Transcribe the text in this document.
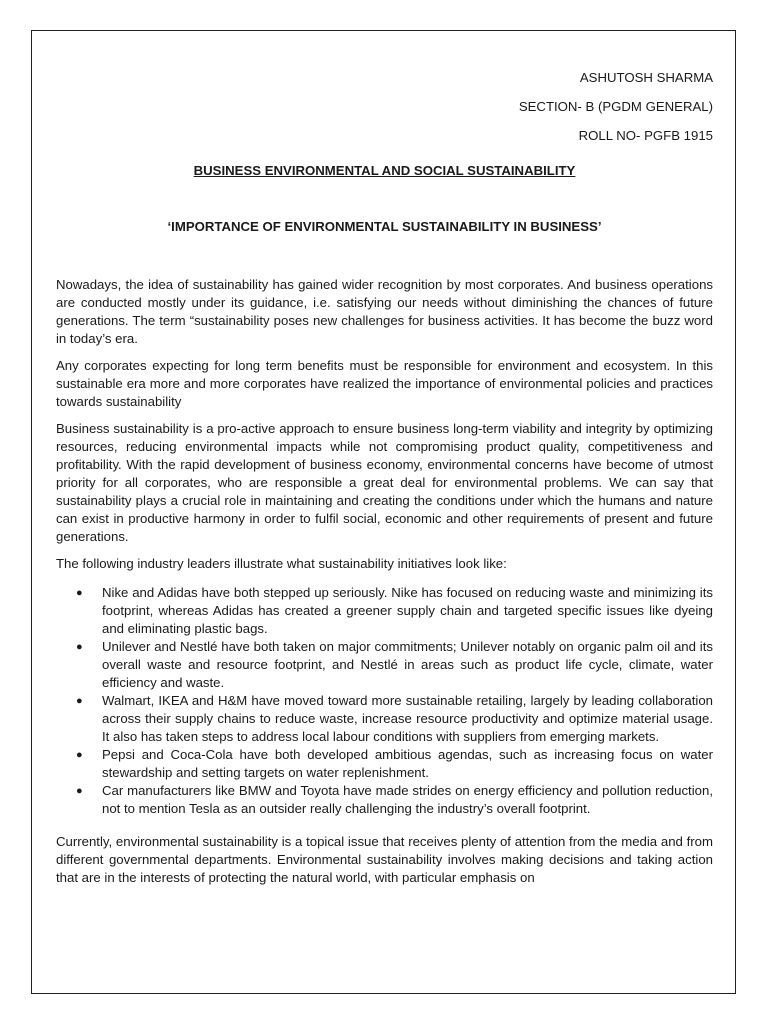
ASHUTOSH SHARMA
SECTION- B (PGDM GENERAL)
ROLL NO- PGFB 1915
BUSINESS ENVIRONMENTAL AND SOCIAL SUSTAINABILITY
‘IMPORTANCE OF ENVIRONMENTAL SUSTAINABILITY IN BUSINESS’

Nowadays, the idea of sustainability has gained wider recognition by most corporates. And business operations are conducted mostly under its guidance, i.e. satisfying our needs without diminishing the chances of future generations. The term “sustainability poses new challenges for business activities. It has become the buzz word in today’s era.

Any corporates expecting for long term benefits must be responsible for environment and ecosystem. In this sustainable era more and more corporates have realized the importance of environmental policies and practices towards sustainability

Business sustainability is a pro-active approach to ensure business long-term viability and integrity by optimizing resources, reducing environmental impacts while not compromising product quality, competitiveness and profitability. With the rapid development of business economy, environmental concerns have become of utmost priority for all corporates, who are responsible a great deal for environmental problems. We can say that sustainability plays a crucial role in maintaining and creating the conditions under which the humans and nature can exist in productive harmony in order to fulfil social, economic and other requirements of present and future generations.

The following industry leaders illustrate what sustainability initiatives look like:

● Nike and Adidas have both stepped up seriously. Nike has focused on reducing waste and minimizing its footprint, whereas Adidas has created a greener supply chain and targeted specific issues like dyeing and eliminating plastic bags.
● Unilever and Nestlé have both taken on major commitments; Unilever notably on organic palm oil and its overall waste and resource footprint, and Nestlé in areas such as product life cycle, climate, water efficiency and waste.
● Walmart, IKEA and H&M have moved toward more sustainable retailing, largely by leading collaboration across their supply chains to reduce waste, increase resource productivity and optimize material usage. It also has taken steps to address local labour conditions with suppliers from emerging markets.
● Pepsi and Coca-Cola have both developed ambitious agendas, such as increasing focus on water stewardship and setting targets on water replenishment.
● Car manufacturers like BMW and Toyota have made strides on energy efficiency and pollution reduction, not to mention Tesla as an outsider really challenging the industry’s overall footprint.

Currently, environmental sustainability is a topical issue that receives plenty of attention from the media and from different governmental departments. Environmental sustainability involves making decisions and taking action that are in the interests of protecting the natural world, with particular emphasis on
